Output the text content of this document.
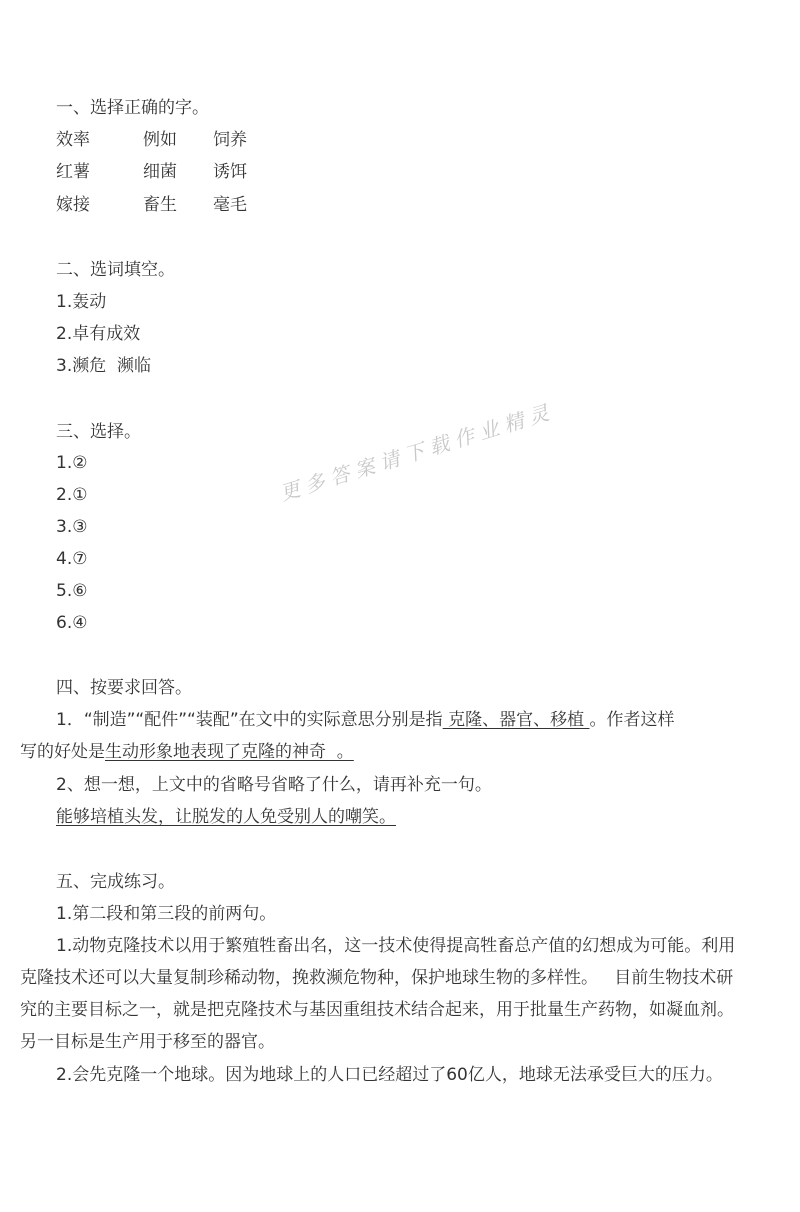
更多答案请下载作业精灵
一、选择正确的字。
效率	例如 饲养
红薯	细菌 诱饵
嫁接	畜生 毫毛
二、选词填空。
1.轰动
2.卓有成效
3.濒危  濒临
三、选择。
1.②
2.①
3.③
4.⑦
5.⑥
6.④
四、按要求回答。
1．“制造”“配件”“装配”在文中的实际意思分别是指 克隆、器官、移植 。作者这样
写的好处是生动形象地表现了克隆的神奇  。
2、想一想，上文中的省略号省略了什么，请再补充一句。
能够培植头发，让脱发的人免受别人的嘲笑。
五、完成练习。
1.第二段和第三段的前两句。
1.动物克隆技术以用于繁殖牲畜出名，这一技术使得提高牲畜总产值的幻想成为可能。利用
克隆技术还可以大量复制珍稀动物，挽救濒危物种，保护地球生物的多样性。   目前生物技术研
究的主要目标之一，就是把克隆技术与基因重组技术结合起来，用于批量生产药物，如凝血剂。
另一目标是生产用于移至的器官。
2.会先克隆一个地球。因为地球上的人口已经超过了60亿人，地球无法承受巨大的压力。
